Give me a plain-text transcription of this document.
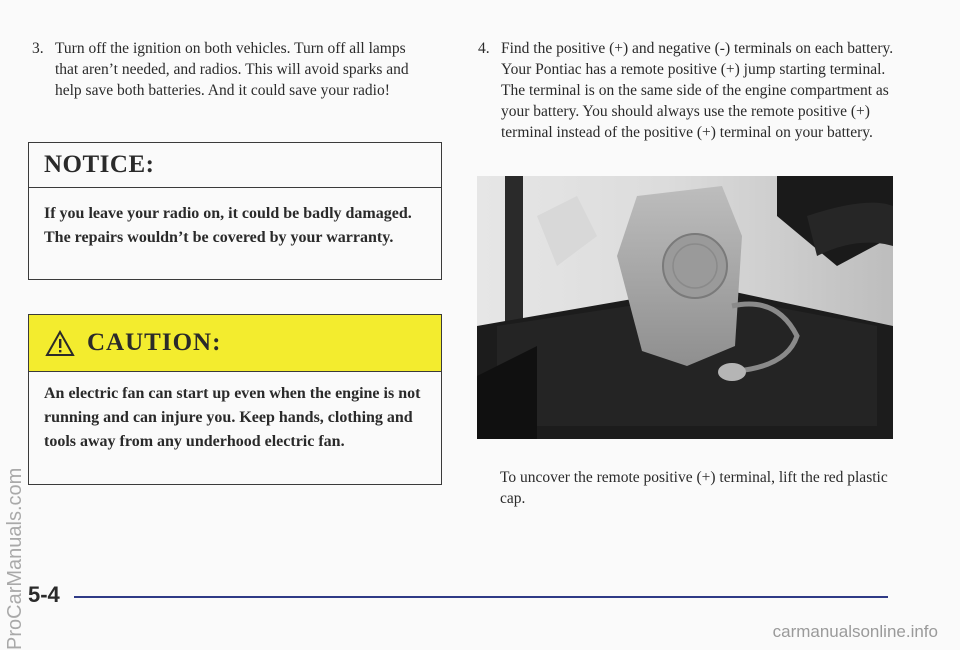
3. Turn off the ignition on both vehicles. Turn off all lamps that aren’t needed, and radios. This will avoid sparks and help save both batteries. And it could save your radio!
NOTICE:
If you leave your radio on, it could be badly damaged. The repairs wouldn’t be covered by your warranty.
CAUTION:
An electric fan can start up even when the engine is not running and can injure you. Keep hands, clothing and tools away from any underhood electric fan.
4. Find the positive (+) and negative (-) terminals on each battery. Your Pontiac has a remote positive (+) jump starting terminal. The terminal is on the same side of the engine compartment as your battery. You should always use the remote positive (+) terminal instead of the positive (+) terminal on your battery.
To uncover the remote positive (+) terminal, lift the red plastic cap.
5-4
ProCarManuals.com	carmanualsonline.info
